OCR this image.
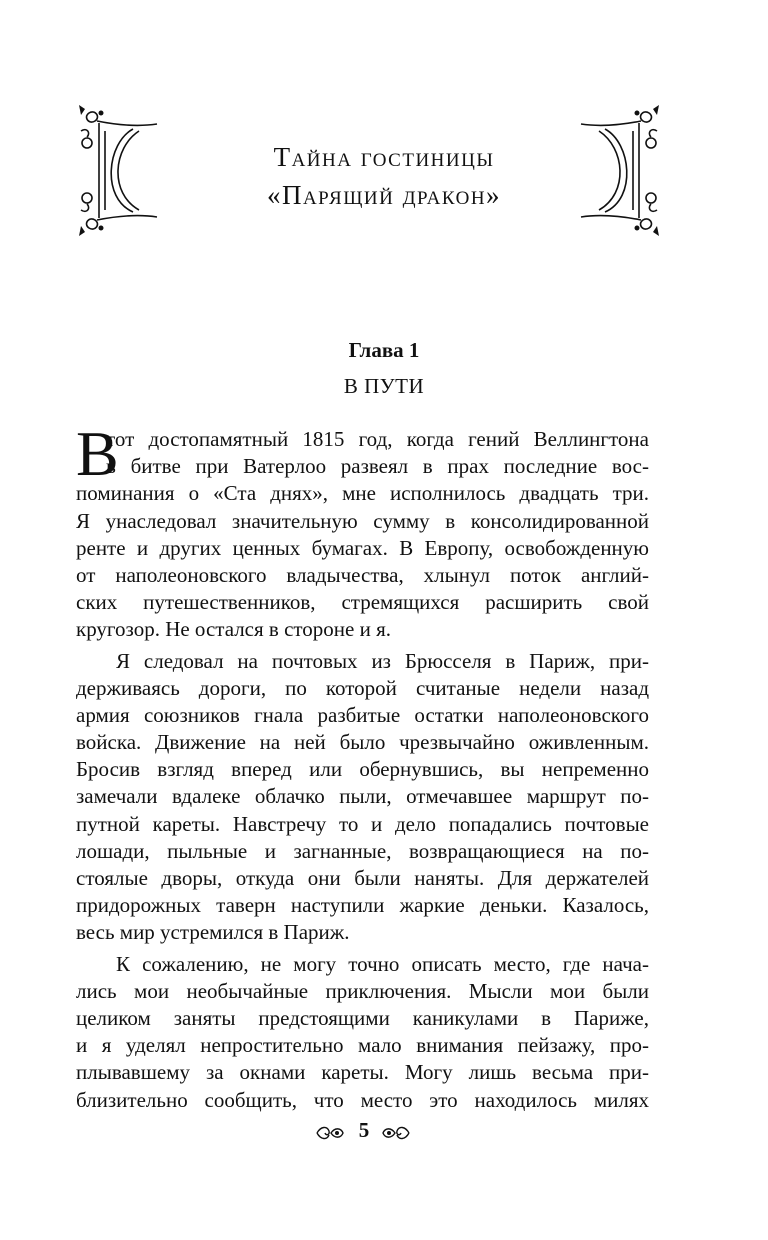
Тайна гостиницы
«Парящий дракон»
Глава 1
В ПУТИ
В
тот достопамятный 1815 год, когда гений Веллингтона
в битве при Ватерлоо развеял в прах последние вос-
поминания о «Ста днях», мне исполнилось двадцать три.
Я унаследовал значительную сумму в консолидированной
ренте и других ценных бумагах. В Европу, освобожденную
от наполеоновского владычества, хлынул поток англий-
ских путешественников, стремящихся расширить свой
кругозор. Не остался в стороне и я.
Я следовал на почтовых из Брюсселя в Париж, при-
держиваясь дороги, по которой считаные недели назад
армия союзников гнала разбитые остатки наполеоновского
войска. Движение на ней было чрезвычайно оживленным.
Бросив взгляд вперед или обернувшись, вы непременно
замечали вдалеке облачко пыли, отмечавшее маршрут по-
путной кареты. Навстречу то и дело попадались почтовые
лошади, пыльные и загнанные, возвращающиеся на по-
стоялые дворы, откуда они были наняты. Для держателей
придорожных таверн наступили жаркие деньки. Казалось,
весь мир устремился в Париж.
К сожалению, не могу точно описать место, где нача-
лись мои необычайные приключения. Мысли мои были
целиком заняты предстоящими каникулами в Париже,
и я уделял непростительно мало внимания пейзажу, про-
плывавшему за окнами кареты. Могу лишь весьма при-
близительно сообщить, что место это находилось милях
5
